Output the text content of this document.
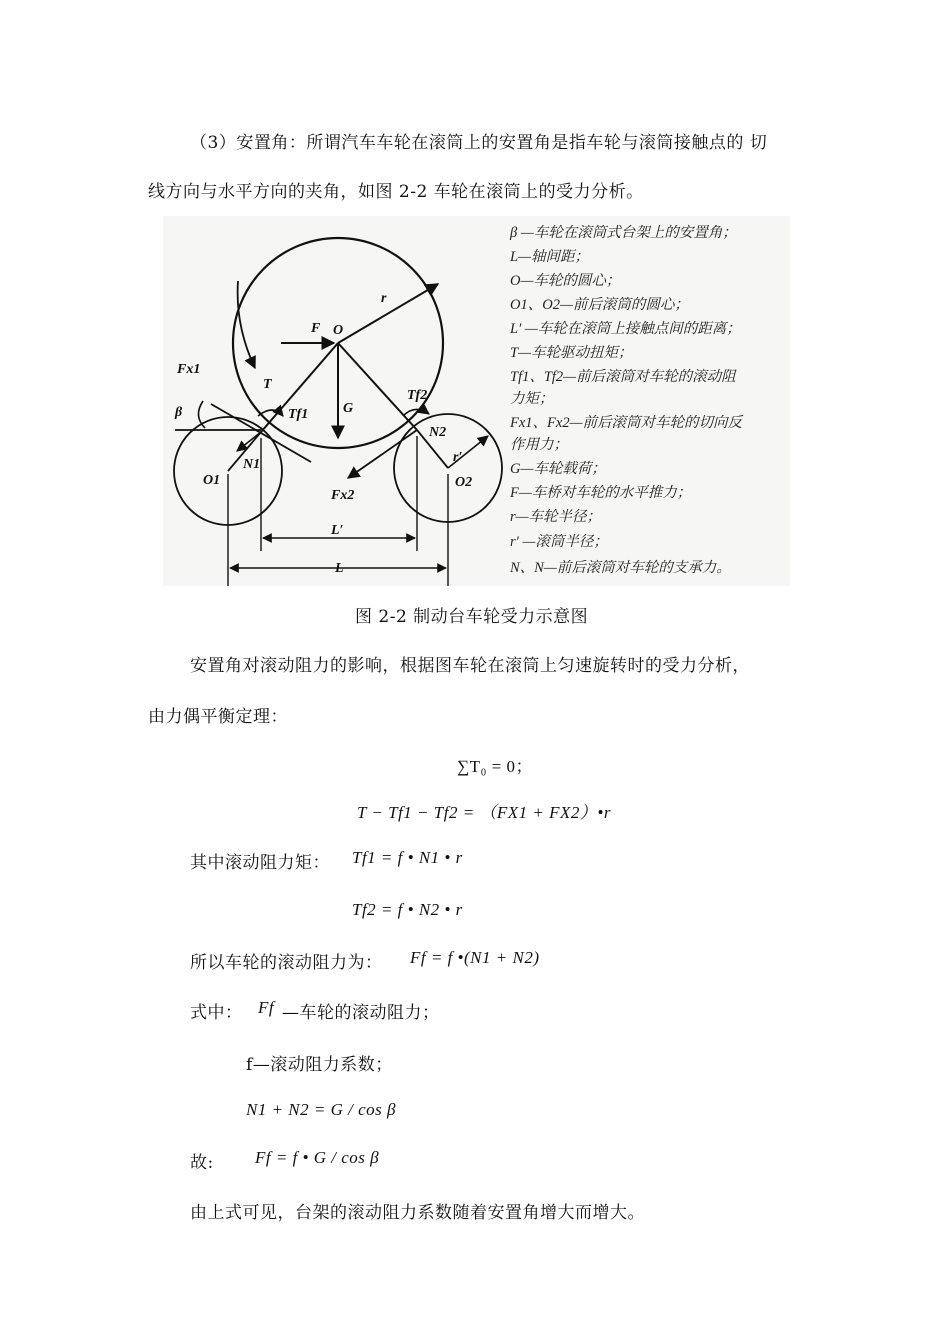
（3）安置角：所谓汽车车轮在滚筒上的安置角是指车轮与滚筒接触点的 切
线方向与水平方向的夹角，如图 2-2 车轮在滚筒上的受力分析。
F O
r
Fx1
T
β	Tf1 G
Tf2
N1
N2
O1	O2
r′
Fx2
L′
L
β —车轮在滚筒式台架上的安置角；
L—轴间距；
O—车轮的圆心；
O1、O2—前后滚筒的圆心；
L′ —车轮在滚筒上接触点间的距离；
T—车轮驱动扭矩；
Tf1、Tf2—前后滚筒对车轮的滚动阻
力矩；
Fx1、Fx2—前后滚筒对车轮的切向反
作用力；
G—车轮载荷；
F—车桥对车轮的水平推力；
r—车轮半径；
r′ —滚筒半径；
N、N—前后滚筒对车轮的支承力。
图 2-2 制动台车轮受力示意图
安置角对滚动阻力的影响，根据图车轮在滚筒上匀速旋转时的受力分析，
由力偶平衡定理：
∑T₀ = 0；
T − Tf1 − Tf2 = （FX1 + FX2）•r
其中滚动阻力矩： Tf1 = f • N1 • r
Tf2 = f • N2 • r
所以车轮的滚动阻力为： Ff = f •(N1 + N2)
式中： Ff —车轮的滚动阻力；
f—滚动阻力系数；
N1 + N2 = G / cos β
故: Ff = f • G / cos β
由上式可见，台架的滚动阻力系数随着安置角增大而增大。
